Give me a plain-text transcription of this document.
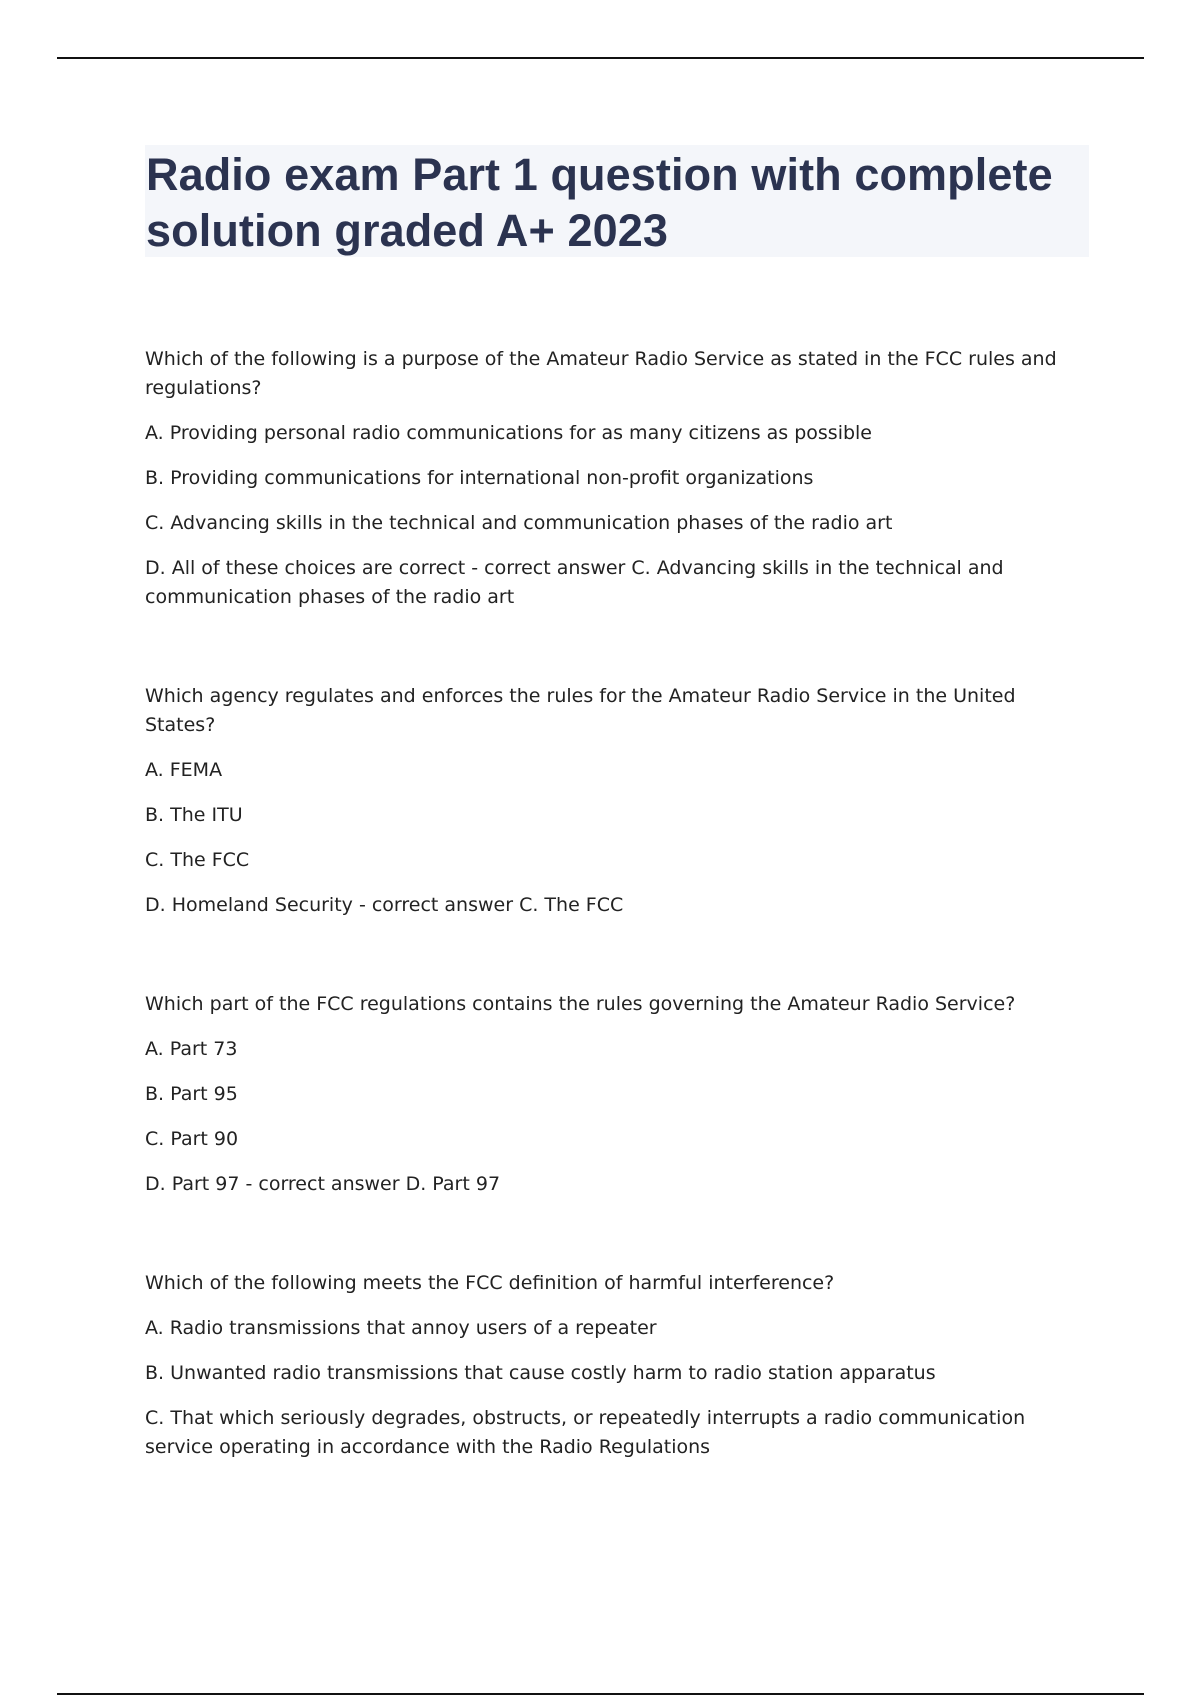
Radio exam Part 1 question with complete solution graded A+ 2023

Which of the following is a purpose of the Amateur Radio Service as stated in the FCC rules and regulations?

A. Providing personal radio communications for as many citizens as possible

B. Providing communications for international non-profit organizations

C. Advancing skills in the technical and communication phases of the radio art

D. All of these choices are correct - correct answer C. Advancing skills in the technical and communication phases of the radio art

Which agency regulates and enforces the rules for the Amateur Radio Service in the United States?

A. FEMA

B. The ITU

C. The FCC

D. Homeland Security - correct answer C. The FCC

Which part of the FCC regulations contains the rules governing the Amateur Radio Service?

A. Part 73

B. Part 95

C. Part 90

D. Part 97 - correct answer D. Part 97

Which of the following meets the FCC definition of harmful interference?

A. Radio transmissions that annoy users of a repeater

B. Unwanted radio transmissions that cause costly harm to radio station apparatus

C. That which seriously degrades, obstructs, or repeatedly interrupts a radio communication service operating in accordance with the Radio Regulations
